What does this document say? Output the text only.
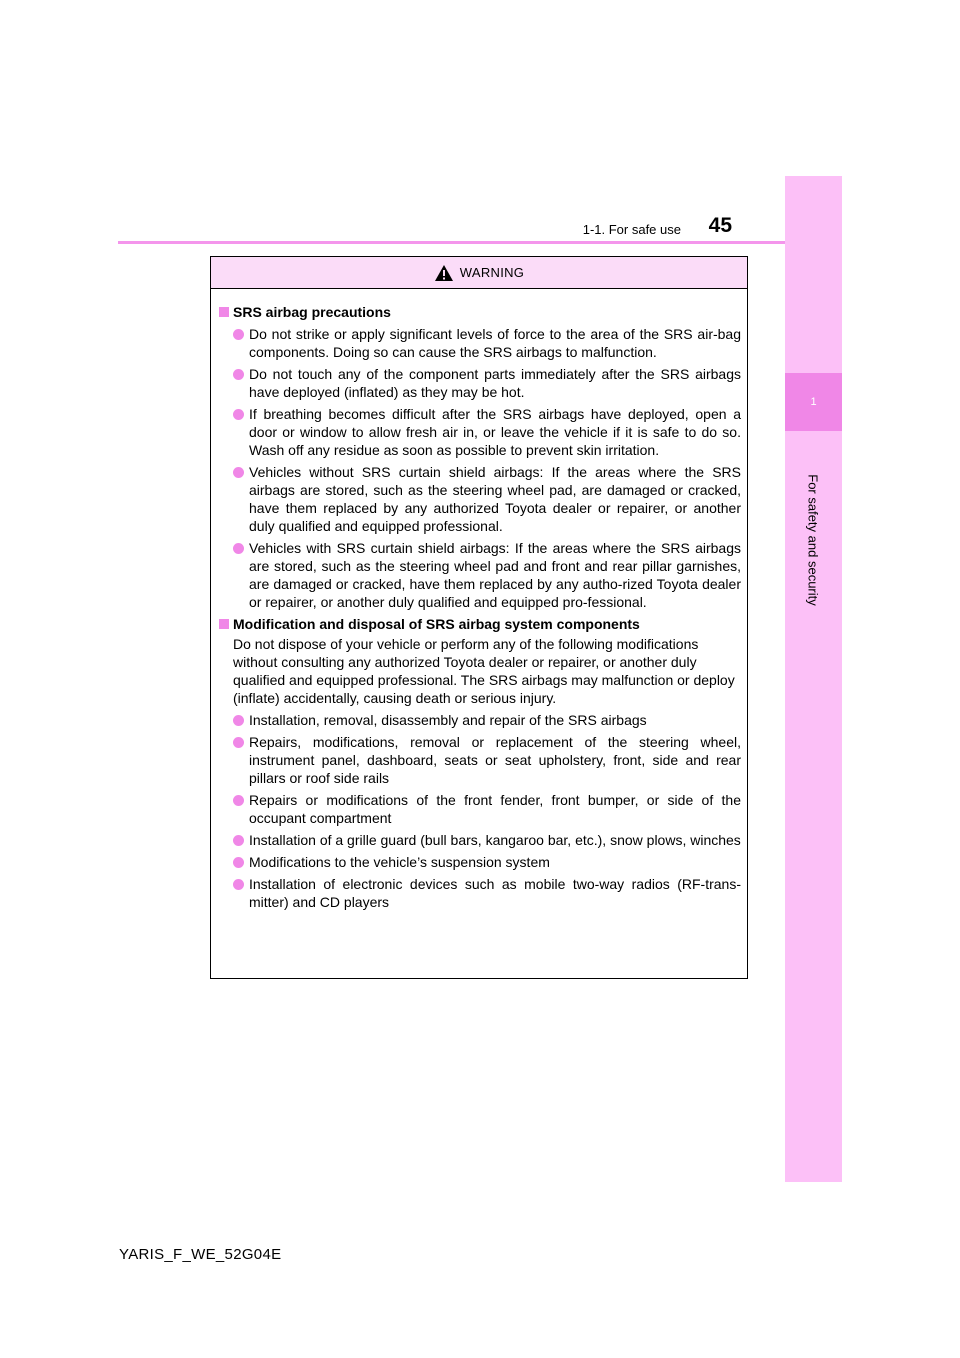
1
For safety and security
1-1. For safe use	45
WARNING
SRS airbag precautions
Do not strike or apply significant levels of force to the area of the SRS air-bag components. Doing so can cause the SRS airbags to malfunction.
Do not touch any of the component parts immediately after the SRS airbags have deployed (inflated) as they may be hot.
If breathing becomes difficult after the SRS airbags have deployed, open a door or window to allow fresh air in, or leave the vehicle if it is safe to do so. Wash off any residue as soon as possible to prevent skin irritation.
Vehicles without SRS curtain shield airbags: If the areas where the SRS airbags are stored, such as the steering wheel pad, are damaged or cracked, have them replaced by any authorized Toyota dealer or repairer, or another duly qualified and equipped professional.
Vehicles with SRS curtain shield airbags: If the areas where the SRS airbags are stored, such as the steering wheel pad and front and rear pillar garnishes, are damaged or cracked, have them replaced by any autho-rized Toyota dealer or repairer, or another duly qualified and equipped pro-fessional.
Modification and disposal of SRS airbag system components
Do not dispose of your vehicle or perform any of the following modifications without consulting any authorized Toyota dealer or repairer, or another duly qualified and equipped professional. The SRS airbags may malfunction or deploy (inflate) accidentally, causing death or serious injury.
Installation, removal, disassembly and repair of the SRS airbags
Repairs, modifications, removal or replacement of the steering wheel, instrument panel, dashboard, seats or seat upholstery, front, side and rear pillars or roof side rails
Repairs or modifications of the front fender, front bumper, or side of the occupant compartment
Installation of a grille guard (bull bars, kangaroo bar, etc.), snow plows, winches
Modifications to the vehicle’s suspension system
Installation of electronic devices such as mobile two-way radios (RF-trans-mitter) and CD players
YARIS_F_WE_52G04E
